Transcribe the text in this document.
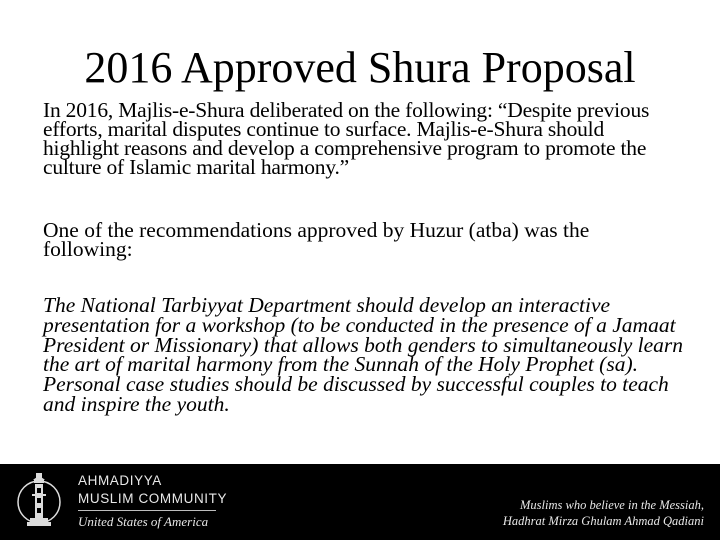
2016 Approved Shura Proposal
In 2016, Majlis-e-Shura deliberated on the following: “Despite previous efforts, marital disputes continue to surface. Majlis-e-Shura should highlight reasons and develop a comprehensive program to promote the culture of Islamic marital harmony.”
One of the recommendations approved by Huzur (atba) was the following:
The National Tarbiyyat Department should develop an interactive presentation for a workshop (to be conducted in the presence of a Jamaat President or Missionary) that allows both genders to simultaneously learn the art of marital harmony from the Sunnah of the Holy Prophet (sa). Personal case studies should be discussed by successful couples to teach and inspire the youth.
AHMADIYYA
MUSLIM COMMUNITY
United States of America
Muslims who believe in the Messiah,
Hadhrat Mirza Ghulam Ahmad Qadiani
